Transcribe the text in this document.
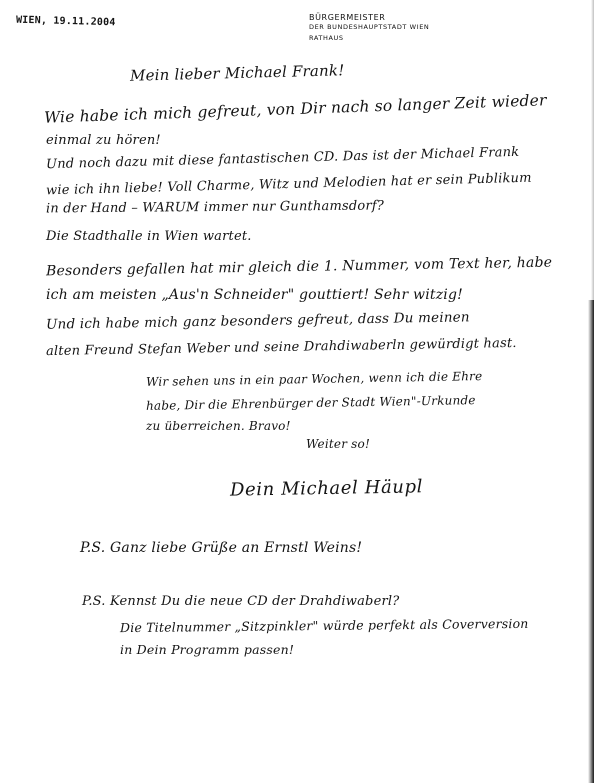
WIEN, 19.11.2004	BÜRGERMEISTER
DER BUNDESHAUPTSTADT WIEN
RATHAUS
Mein lieber Michael Frank!
Wie habe ich mich gefreut, von Dir nach so langer Zeit wieder
einmal zu hören!
Und noch dazu mit diese fantastischen CD. Das ist der Michael Frank
wie ich ihn liebe! Voll Charme, Witz und Melodien hat er sein Publikum
in der Hand – WARUM immer nur Gunthamsdorf?
Die Stadthalle in Wien wartet.
Besonders gefallen hat mir gleich die 1. Nummer, vom Text her, habe
ich am meisten „Aus'n Schneider" gouttiert! Sehr witzig!
Und ich habe mich ganz besonders gefreut, dass Du meinen
alten Freund Stefan Weber und seine Drahdiwaberln gewürdigt hast.
Wir sehen uns in ein paar Wochen, wenn ich die Ehre
habe, Dir die Ehrenbürger der Stadt Wien"-Urkunde
zu überreichen. Bravo!
Weiter so!
Dein Michael Häupl
P.S. Ganz liebe Grüße an Ernstl Weins!
P.S. Kennst Du die neue CD der Drahdiwaberl?
Die Titelnummer „Sitzpinkler" würde perfekt als Coverversion
in Dein Programm passen!
